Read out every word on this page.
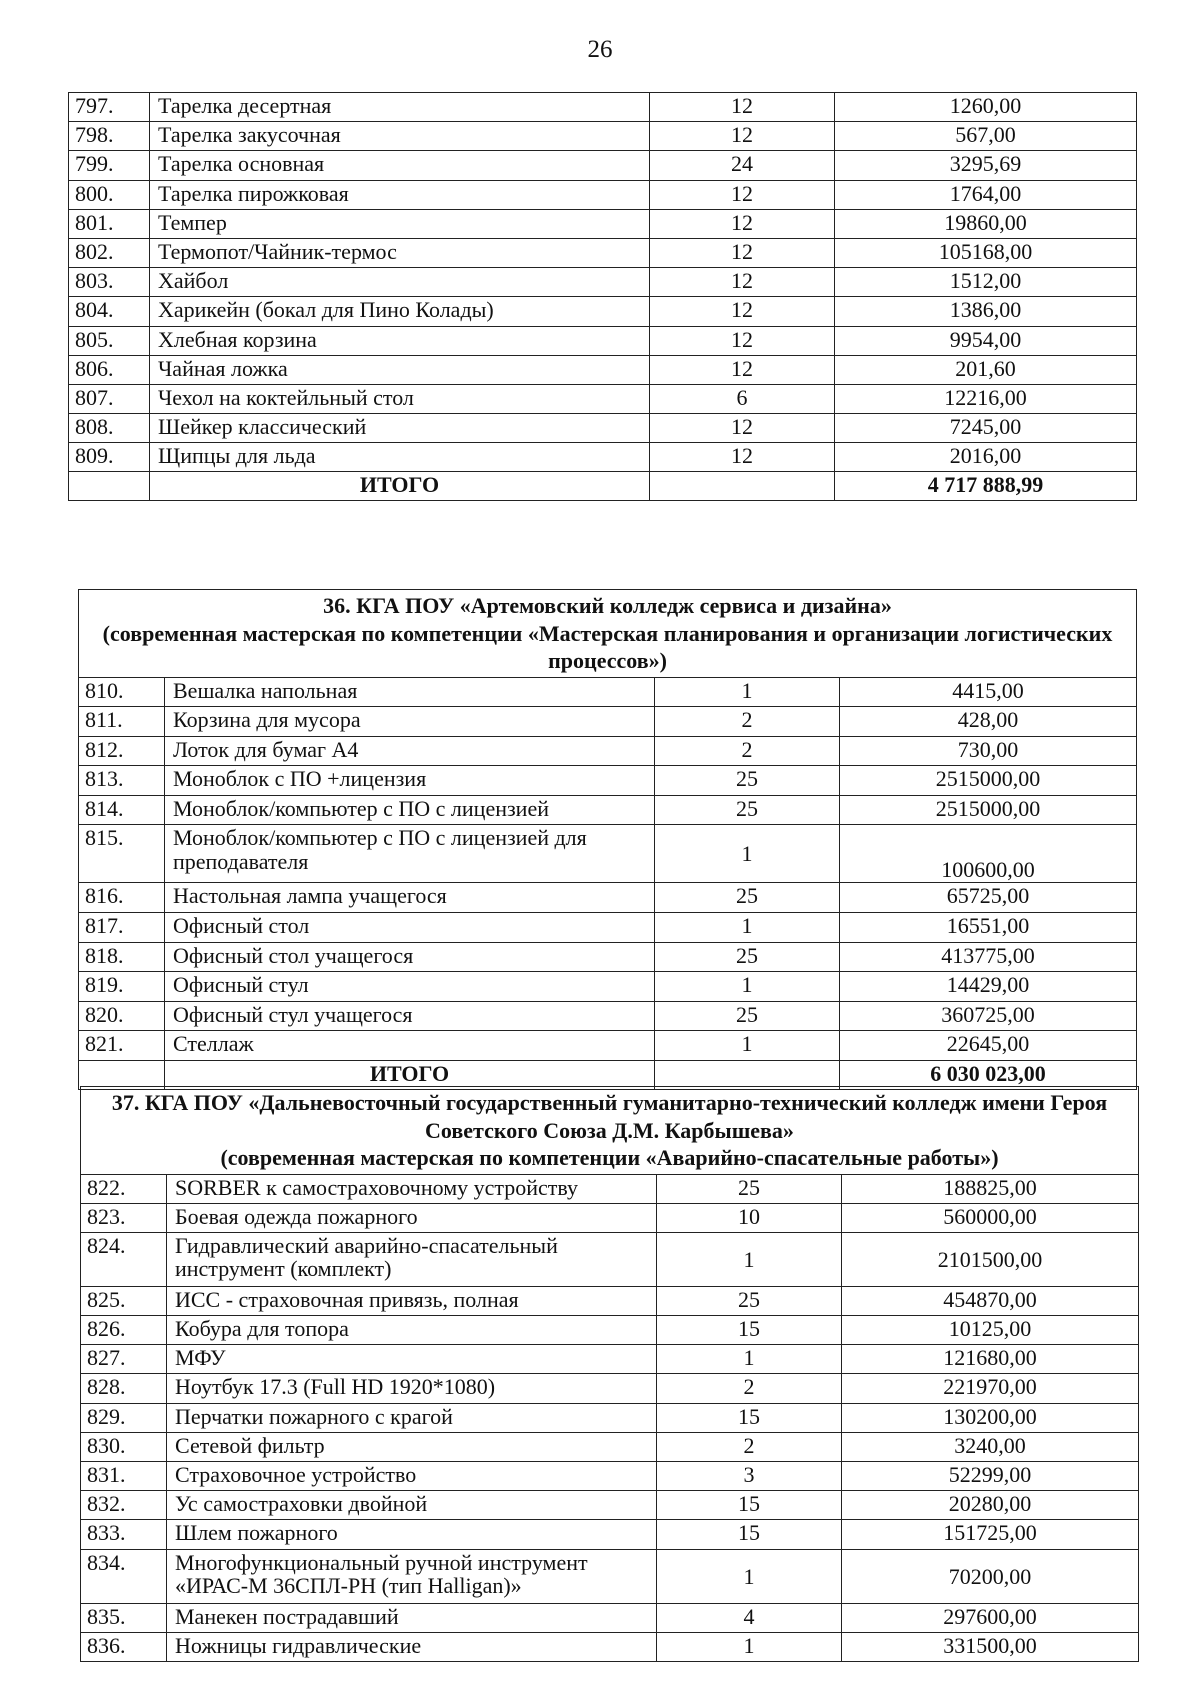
26
797.	Тарелка десертная	12	1260,00
798.	Тарелка закусочная	12	567,00
799.	Тарелка основная	24	3295,69
800.	Тарелка пирожковая	12	1764,00
801.	Темпер	12	19860,00
802.	Термопот/Чайник-термос	12	105168,00
803.	Хайбол	12	1512,00
804.	Харикейн (бокал для Пино Колады)	12	1386,00
805.	Хлебная корзина	12	9954,00
806.	Чайная ложка	12	201,60
807.	Чехол на коктейльный стол	6	12216,00
808.	Шейкер классический	12	7245,00
809.	Щипцы для льда	12	2016,00
	ИТОГО		4 717 888,99
36. КГА ПОУ «Артемовский колледж сервиса и дизайна»
(современная мастерская по компетенции «Мастерская планирования и организации логистических процессов»)			

810.	Вешалка напольная	1	4415,00
811.	Корзина для мусора	2	428,00
812.	Лоток для бумаг А4	2	730,00
813.	Моноблок с ПО +лицензия	25	2515000,00
814.	Моноблок/компьютер с ПО с лицензией	25	2515000,00
815.	Моноблок/компьютер с ПО с лицензией для преподавателя	1	100600,00
816.	Настольная лампа учащегося	25	65725,00
817.	Офисный стол	1	16551,00
818.	Офисный стол учащегося	25	413775,00
819.	Офисный стул	1	14429,00
820.	Офисный стул учащегося	25	360725,00
821.	Стеллаж	1	22645,00
	ИТОГО		6 030 023,00
37. КГА ПОУ «Дальневосточный государственный гуманитарно-технический колледж имени Героя Советского Союза Д.М. Карбышева»
(современная мастерская по компетенции «Аварийно-спасательные работы»)			

822.	SORBER к самостраховочному устройству	25	188825,00
823.	Боевая одежда пожарного	10	560000,00
824.	Гидравлический аварийно-спасательный инструмент (комплект)	1	2101500,00
825.	ИСС - страховочная привязь, полная	25	454870,00
826.	Кобура для топора	15	10125,00
827.	МФУ	1	121680,00
828.	Ноутбук 17.3 (Full HD 1920*1080)	2	221970,00
829.	Перчатки пожарного с крагой	15	130200,00
830.	Сетевой фильтр	2	3240,00
831.	Страховочное устройство	3	52299,00
832.	Ус самостраховки двойной	15	20280,00
833.	Шлем пожарного	15	151725,00
834.	Многофункциональный ручной инструмент «ИРАС-М 36СПЛ-РН (тип Halligan)»	1	70200,00
835.	Манекен пострадавший	4	297600,00
836.	Ножницы гидравлические	1	331500,00
